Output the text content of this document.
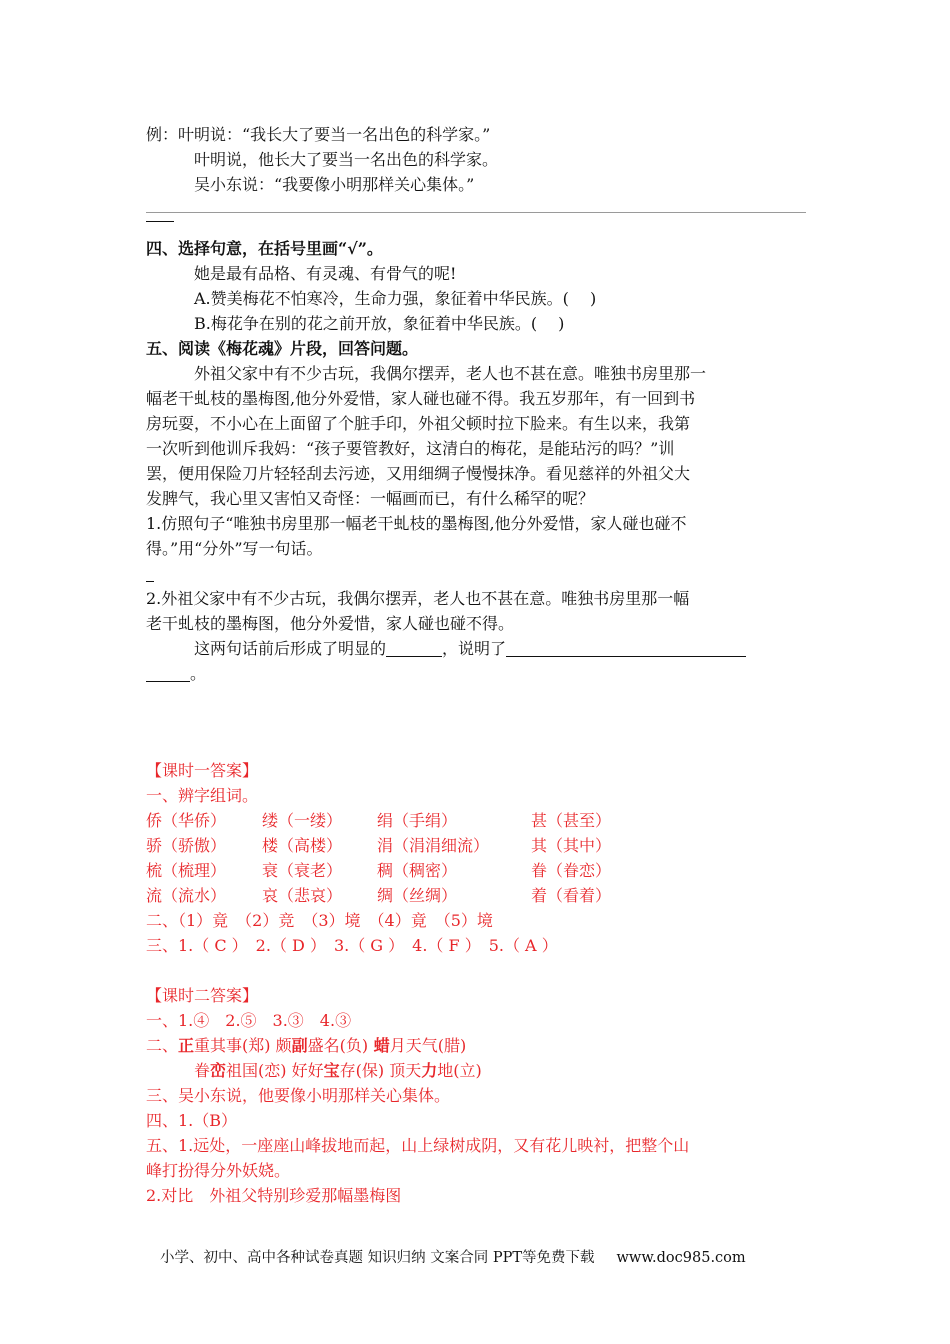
例：叶明说：“我长大了要当一名出色的科学家。”
叶明说，他长大了要当一名出色的科学家。
吴小东说：“我要像小明那样关心集体。”
四、选择句意，在括号里画“√”。
她是最有品格、有灵魂、有骨气的呢!
A.赞美梅花不怕寒冷，生命力强，象征着中华民族。(　 )
B.梅花争在别的花之前开放，象征着中华民族。(　 )
五、阅读《梅花魂》片段，回答问题。
外祖父家中有不少古玩，我偶尔摆弄，老人也不甚在意。唯独书房里那一
幅老干虬枝的墨梅图,他分外爱惜，家人碰也碰不得。我五岁那年，有一回到书
房玩耍，不小心在上面留了个脏手印，外祖父顿时拉下脸来。有生以来，我第
一次听到他训斥我妈：“孩子要管教好，这清白的梅花，是能玷污的吗？”训
罢，便用保险刀片轻轻刮去污迹，又用细绸子慢慢抹净。看见慈祥的外祖父大
发脾气，我心里又害怕又奇怪：一幅画而已，有什么稀罕的呢？
1.仿照句子“唯独书房里那一幅老干虬枝的墨梅图,他分外爱惜，家人碰也碰不
得。”用“分外”写一句话。
2.外祖父家中有不少古玩，我偶尔摆弄，老人也不甚在意。唯独书房里那一幅
老干虬枝的墨梅图，他分外爱惜，家人碰也碰不得。
这两句话前后形成了明显的	，说明了
。
【课时一答案】
一、辨字组词。
侨（华侨）	缕（一缕）	绢（手绢）	甚（甚至）
骄（骄傲）	楼（高楼）	涓（涓涓细流）	其（其中）
梳（梳理）	衰（衰老）	稠（稠密）	眷（眷恋）
流（流水）	哀（悲哀）	绸（丝绸）	着（看着）
二、（1）竟　（2）竞　（3）境　（4）竟　（5）境
三、1.（ C ）　2.（ D ）　3.（ G ）　4.（ F ）　5.（ A ）
【课时二答案】
一、1.④　2.⑤　3.③　4.③
二、正重其事(郑) 颇副盛名(负) 蜡月天气(腊)
眷峦祖国(恋) 好好宝存(保) 顶天力地(立)
三、吴小东说，他要像小明那样关心集体。
四、1.（B）
五、1.远处，一座座山峰拔地而起，山上绿树成阴，又有花儿映衬，把整个山
峰打扮得分外妖娆。
2.对比　外祖父特别珍爱那幅墨梅图
小学、初中、高中各种试卷真题 知识归纳 文案合同 PPT等免费下载 www.doc985.com
